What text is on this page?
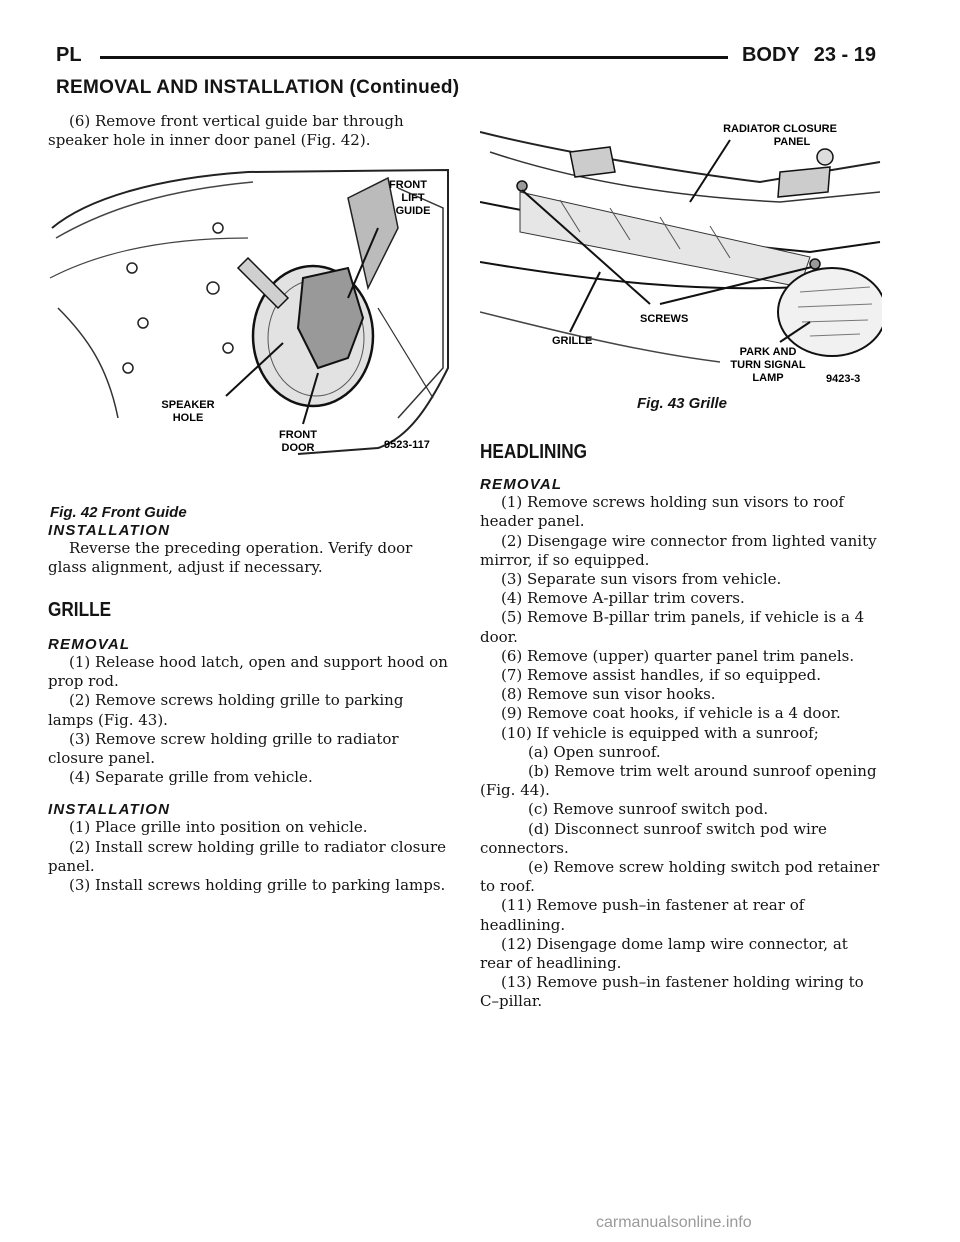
PL	BODY 23 - 19
REMOVAL AND INSTALLATION (Continued)

(6) Remove front vertical guide bar through speaker hole in inner door panel (Fig. 42).

FRONT
LIFT
GUIDE
SPEAKER
HOLE
FRONT
DOOR	9523-117
Fig. 42 Front Guide

INSTALLATION

Reverse the preceding operation. Verify door glass alignment, adjust if necessary.

GRILLE

REMOVAL

(1) Release hood latch, open and support hood on prop rod.

(2) Remove screws holding grille to parking lamps (Fig. 43).

(3) Remove screw holding grille to radiator closure panel.

(4) Separate grille from vehicle.

INSTALLATION

(1) Place grille into position on vehicle.

(2) Install screw holding grille to radiator closure panel.

(3) Install screws holding grille to parking lamps.

RADIATOR CLOSURE
PANEL
SCREWS
GRILLE
PARK AND
TURN SIGNAL
LAMP	9423-3
Fig. 43 Grille

HEADLINING

REMOVAL

(1) Remove screws holding sun visors to roof header panel.

(2) Disengage wire connector from lighted vanity mirror, if so equipped.

(3) Separate sun visors from vehicle.

(4) Remove A-pillar trim covers.

(5) Remove B-pillar trim panels, if vehicle is a 4 door.

(6) Remove (upper) quarter panel trim panels.

(7) Remove assist handles, if so equipped.

(8) Remove sun visor hooks.

(9) Remove coat hooks, if vehicle is a 4 door.

(10) If vehicle is equipped with a sunroof;

(a) Open sunroof.

(b) Remove trim welt around sunroof opening (Fig. 44).

(c) Remove sunroof switch pod.

(d) Disconnect sunroof switch pod wire connectors.

(e) Remove screw holding switch pod retainer to roof.

(11) Remove push–in fastener at rear of headlining.

(12) Disengage dome lamp wire connector, at rear of headlining.

(13) Remove push–in fastener holding wiring to C–pillar.

carmanualsonline.info
